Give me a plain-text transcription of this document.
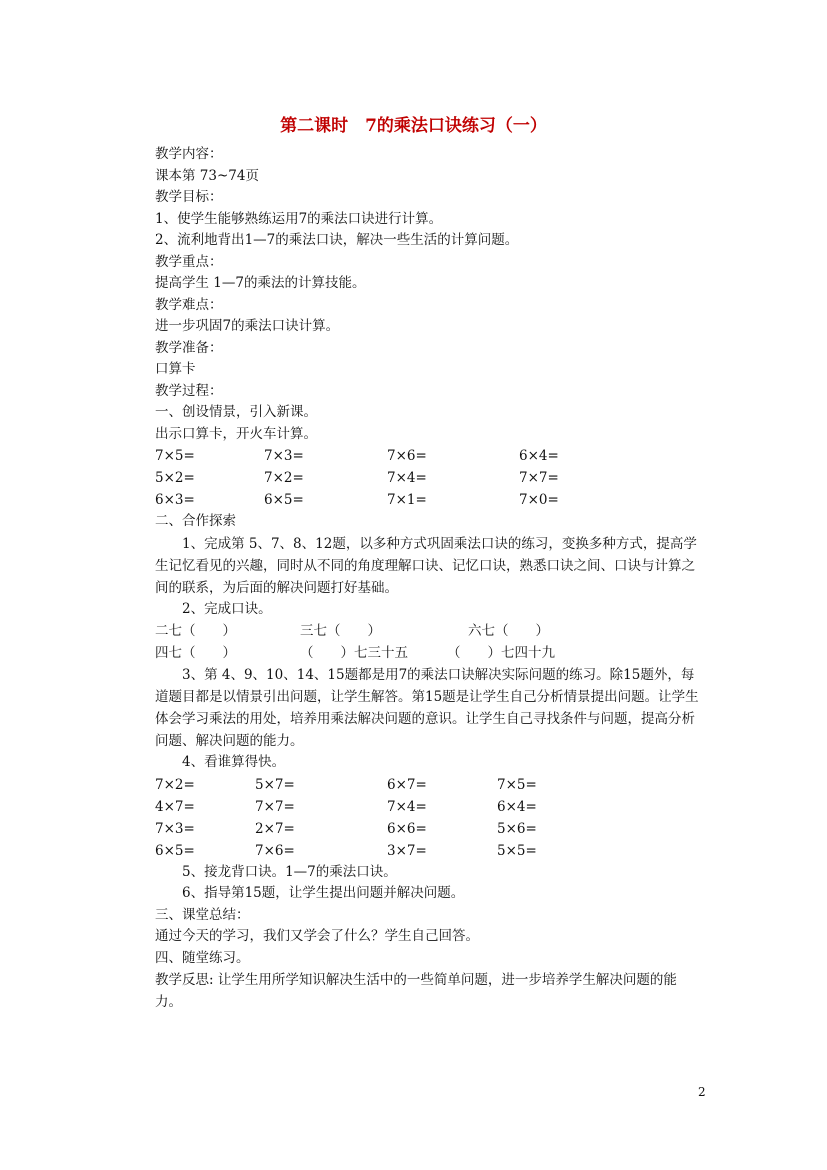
第二课时　7的乘法口诀练习（一）
教学内容：
课本第 73~74页
教学目标：
1、使学生能够熟练运用7的乘法口诀进行计算。
2、流利地背出1—7的乘法口诀，解决一些生活的计算问题。
教学重点：
提高学生 1—7的乘法的计算技能。
教学难点：
进一步巩固7的乘法口诀计算。
教学准备：
口算卡
教学过程：
一、创设情景，引入新课。
出示口算卡，开火车计算。
7×5=	7×3=	7×6=	6×4=
5×2=	7×2=	7×4=	7×7=
6×3=	6×5=	7×1=	7×0=
二、合作探索
1、完成第 5、7、8、12题，以多种方式巩固乘法口诀的练习，变换多种方式，提高学生记忆看见的兴趣，同时从不同的角度理解口诀、记忆口诀，熟悉口诀之间、口诀与计算之间的联系，为后面的解决问题打好基础。
2、完成口诀。
二七（　　）	三七（　　）	六七（　　）
四七（　　）	（　　）七三十五	（　　）七四十九
3、第 4、9、10、14、15题都是用7的乘法口诀解决实际问题的练习。除15题外，每道题目都是以情景引出问题，让学生解答。第15题是让学生自己分析情景提出问题。让学生体会学习乘法的用处，培养用乘法解决问题的意识。让学生自己寻找条件与问题，提高分析问题、解决问题的能力。
4、看谁算得快。
7×2=	5×7=	6×7=	7×5=
4×7=	7×7=	7×4=	6×4=
7×3=	2×7=	6×6=	5×6=
6×5=	7×6=	3×7=	5×5=
5、接龙背口诀。1—7的乘法口诀。
6、指导第15题，让学生提出问题并解决问题。
三、课堂总结：
通过今天的学习，我们又学会了什么？学生自己回答。
四、随堂练习。
教学反思: 让学生用所学知识解决生活中的一些简单问题，进一步培养学生解决问题的能力。
2
